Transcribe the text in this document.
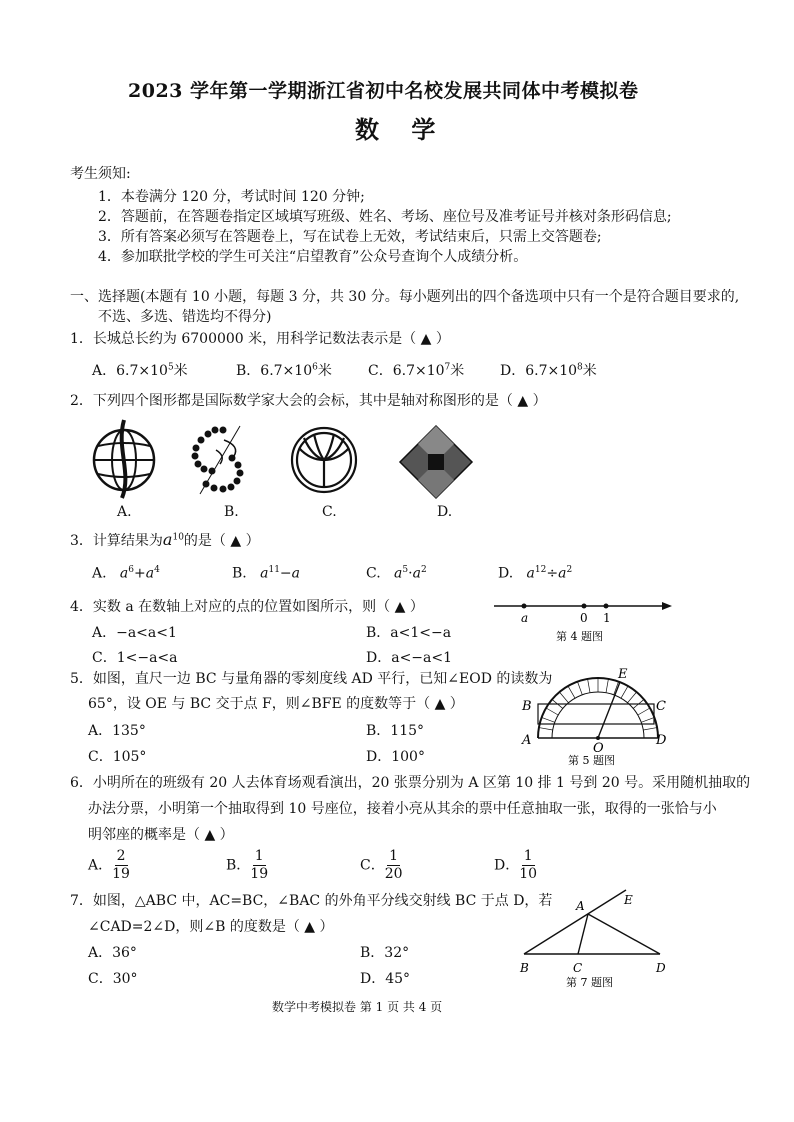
2023 学年第一学期浙江省初中名校发展共同体中考模拟卷
数 学
考生须知:
1．本卷满分 120 分，考试时间 120 分钟;
2．答题前，在答题卷指定区域填写班级、姓名、考场、座位号及准考证号并核对条形码信息;
3．所有答案必须写在答题卷上，写在试卷上无效，考试结束后，只需上交答题卷;
4．参加联批学校的学生可关注“启望教育”公众号查询个人成绩分析。
一、选择题(本题有 10 小题，每题 3 分，共 30 分。每小题列出的四个备选项中只有一个是符合题目要求的,
不选、多选、错选均不得分)
1．长城总长约为 6700000 米，用科学记数法表示是（ ▲ ）
A．$6.7\times 10^5$米	B．$6.7\times 10^6$米	C．$6.7\times 10^7$米	D．$6.7\times 10^8$米
2．下列四个图形都是国际数学家大会的会标，其中是轴对称图形的是（ ▲ ）
A.	B.	C.	D.
3．计算结果为$a^{10}$的是（ ▲ ）
A. $a^6+a^4$	B. $a^{11}-a$	C. $a^5\cdot a^2$	D. $a^{12}\div a^2$
4．实数 a 在数轴上对应的点的位置如图所示，则（ ▲ ）
A．−a<a<1	B．a<1<−a
C．1<−a<a	D．a<−a<1
a	0 1
第 4 题图
5．如图，直尺一边 BC 与量角器的零刻度线 AD 平行，已知∠EOD 的读数为
65°，设 OE 与 BC 交于点 F，则∠BFE 的度数等于（ ▲ ）
A．135°	B．115°
C．105°	D．100°
B	C
A	D
E
O
第 5 题图
6．小明所在的班级有 20 人去体育场观看演出，20 张票分别为 A 区第 10 排 1 号到 20 号。采用随机抽取的
办法分票，小明第一个抽取得到 10 号座位，接着小亮从其余的票中任意抽取一张，取得的一张恰与小
明邻座的概率是（ ▲ ）
A． $\frac{2}{19}$	B． $\frac{1}{19}$	C． $\frac{1}{20}$	D． $\frac{1}{10}$
7．如图，△ABC 中，AC=BC，∠BAC 的外角平分线交射线 BC 于点 D，若
∠CAD=2∠D，则∠B 的度数是（ ▲ ）
A．36°	B．32°
C．30°	D．45°
A	E
B	C	D
第 7 题图
数学中考模拟卷 第 1 页 共 4 页
